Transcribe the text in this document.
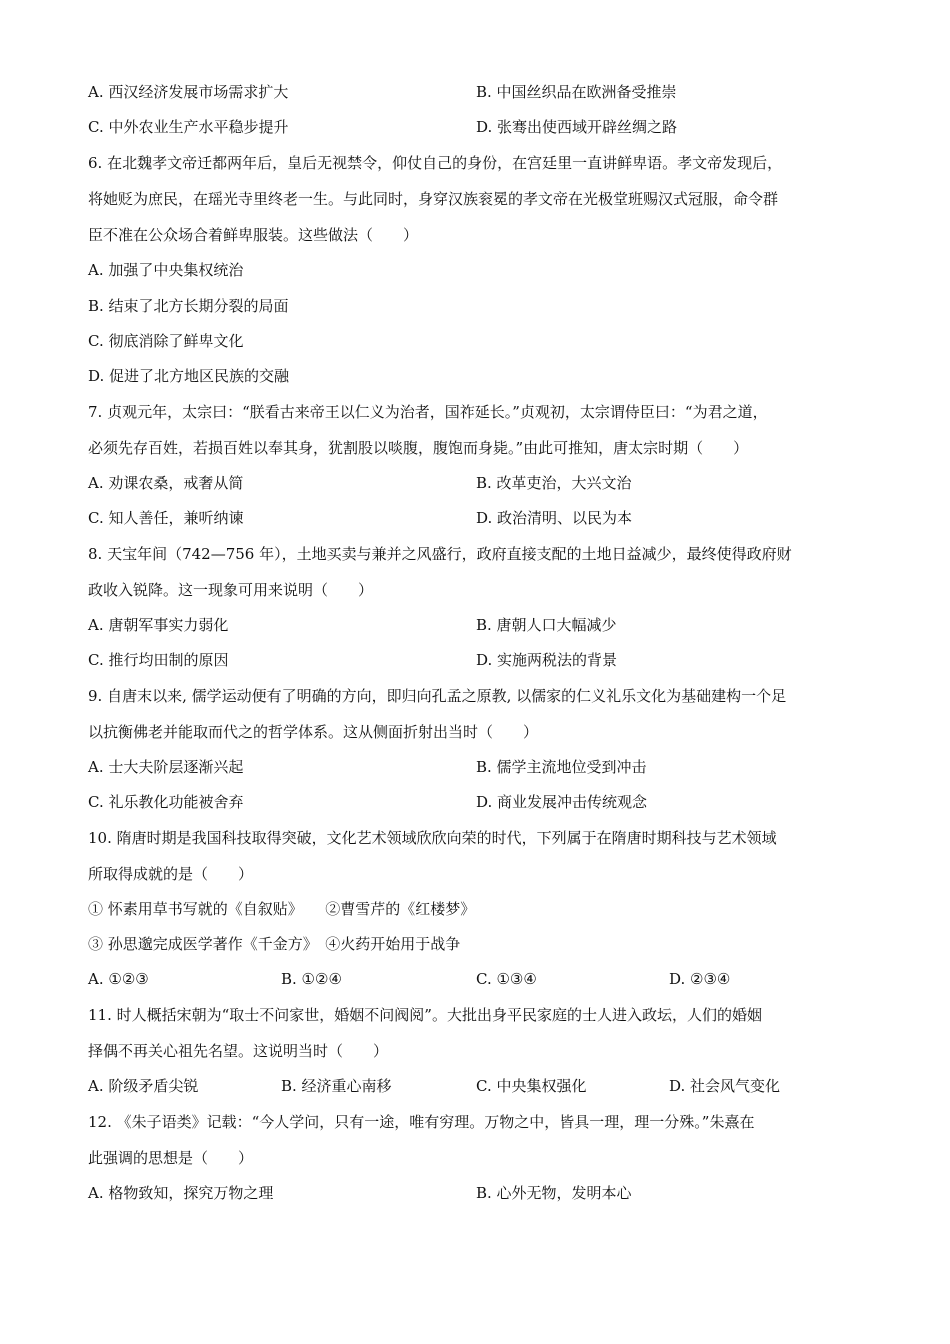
A. 西汉经济发展市场需求扩大	B. 中国丝织品在欧洲备受推崇
C. 中外农业生产水平稳步提升	D. 张骞出使西域开辟丝绸之路
6. 在北魏孝文帝迁都两年后，皇后无视禁令，仰仗自己的身份，在宫廷里一直讲鲜卑语。孝文帝发现后，
将她贬为庶民，在瑶光寺里终老一生。与此同时，身穿汉族衮冕的孝文帝在光极堂班赐汉式冠服，命令群
臣不准在公众场合着鲜卑服装。这些做法（　　）
A. 加强了中央集权统治
B. 结束了北方长期分裂的局面
C. 彻底消除了鲜卑文化
D. 促进了北方地区民族的交融
7. 贞观元年，太宗曰：“朕看古来帝王以仁义为治者，国祚延长。”贞观初，太宗谓侍臣曰：“为君之道，
必须先存百姓，若损百姓以奉其身，犹割股以啖腹，腹饱而身毙。”由此可推知，唐太宗时期（　　）
A. 劝课农桑，戒奢从简	B. 改革吏治，大兴文治
C. 知人善任，兼听纳谏	D. 政治清明、以民为本
8. 天宝年间（742—756 年），土地买卖与兼并之风盛行，政府直接支配的土地日益减少，最终使得政府财
政收入锐降。这一现象可用来说明（　　）
A. 唐朝军事实力弱化	B. 唐朝人口大幅减少
C. 推行均田制的原因	D. 实施两税法的背景
9. 自唐末以来, 儒学运动便有了明确的方向，即归向孔孟之原教, 以儒家的仁义礼乐文化为基础建构一个足
以抗衡佛老并能取而代之的哲学体系。这从侧面折射出当时（　　）
A. 士大夫阶层逐渐兴起	B. 儒学主流地位受到冲击
C. 礼乐教化功能被舍弃	D. 商业发展冲击传统观念
10. 隋唐时期是我国科技取得突破，文化艺术领域欣欣向荣的时代，下列属于在隋唐时期科技与艺术领域
所取得成就的是（　　）
① 怀素用草书写就的《自叙贴》　　②曹雪芹的《红楼梦》
③ 孙思邈完成医学著作《千金方》　④火药开始用于战争
A. ①②③	B. ①②④	C. ①③④	D. ②③④
11. 时人概括宋朝为“取士不问家世，婚姻不问阀阅”。大批出身平民家庭的士人进入政坛，人们的婚姻
择偶不再关心祖先名望。这说明当时（　　）
A. 阶级矛盾尖锐	B. 经济重心南移	C. 中央集权强化	D. 社会风气变化
12. 《朱子语类》记载：“今人学问，只有一途，唯有穷理。万物之中，皆具一理，理一分殊。”朱熹在
此强调的思想是（　　）
A. 格物致知，探究万物之理	B. 心外无物，发明本心
